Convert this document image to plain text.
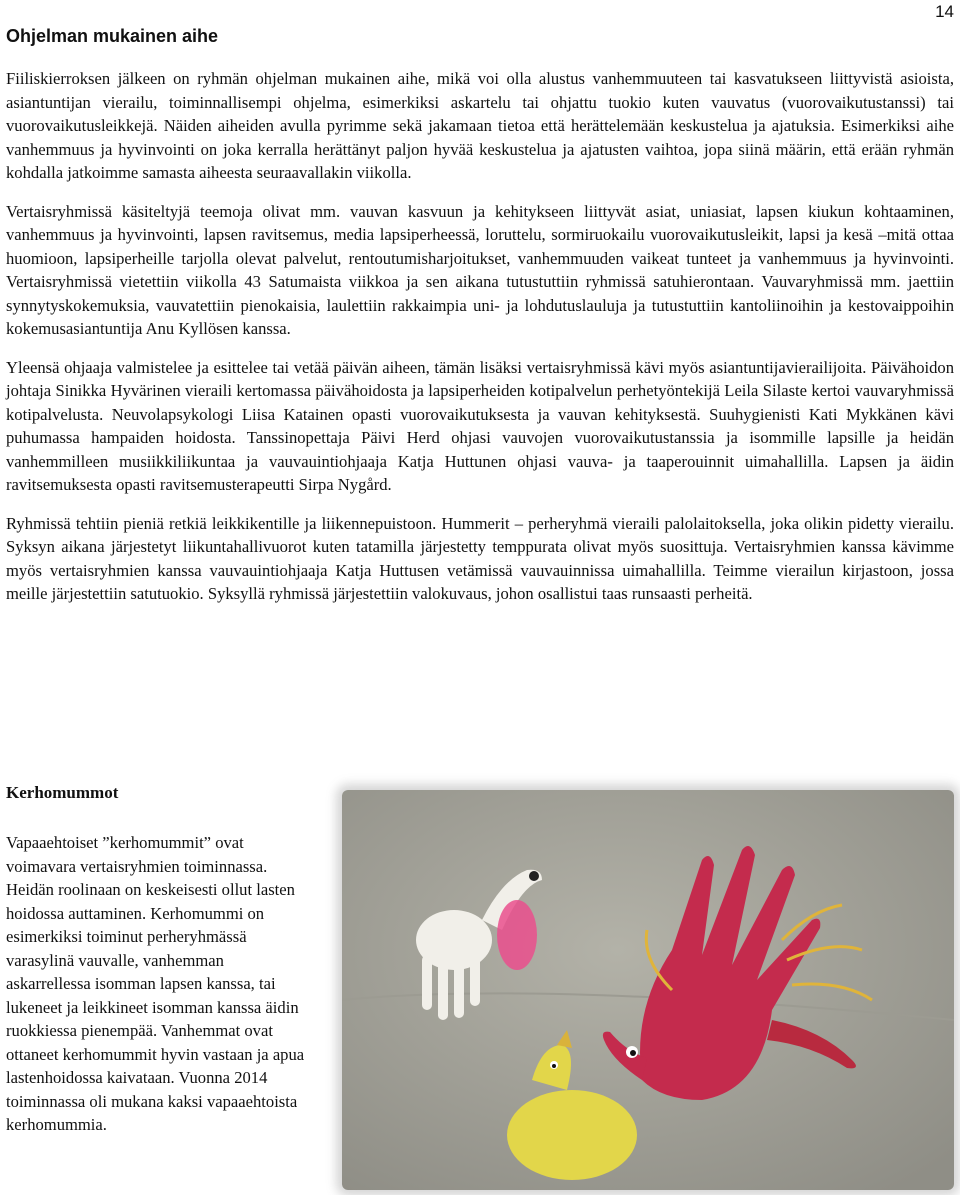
14
Ohjelman mukainen aihe

Fiiliskierroksen jälkeen on ryhmän ohjelman mukainen aihe, mikä voi olla alustus vanhemmuuteen tai kasvatukseen liittyvistä asioista, asiantuntijan vierailu, toiminnallisempi ohjelma, esimerkiksi askartelu tai ohjattu tuokio kuten vauvatus (vuorovaikutustanssi) tai vuorovaikutusleikkejä. Näiden aiheiden avulla pyrimme sekä jakamaan tietoa että herättelemään keskustelua ja ajatuksia. Esimerkiksi aihe vanhemmuus ja hyvinvointi on joka kerralla herättänyt paljon hyvää keskustelua ja ajatusten vaihtoa, jopa siinä määrin, että erään ryhmän kohdalla jatkoimme samasta aiheesta seuraavallakin viikolla.

Vertaisryhmissä käsiteltyjä teemoja olivat mm. vauvan kasvuun ja kehitykseen liittyvät asiat, uniasiat, lapsen kiukun kohtaaminen, vanhemmuus ja hyvinvointi, lapsen ravitsemus, media lapsiperheessä, loruttelu, sormiruokailu vuorovaikutusleikit, lapsi ja kesä –mitä ottaa huomioon, lapsiperheille tarjolla olevat palvelut, rentoutumisharjoitukset, vanhemmuuden vaikeat tunteet ja vanhemmuus ja hyvinvointi. Vertaisryhmissä vietettiin viikolla 43 Satumaista viikkoa ja sen aikana tutustuttiin ryhmissä satuhierontaan. Vauvaryhmissä mm. jaettiin synnytyskokemuksia, vauvatettiin pienokaisia, laulettiin rakkaimpia uni- ja lohdutuslauluja ja tutustuttiin kantoliinoihin ja kestovaippoihin kokemusasiantuntija Anu Kyllösen kanssa.

Yleensä ohjaaja valmistelee ja esittelee tai vetää päivän aiheen, tämän lisäksi vertaisryhmissä kävi myös asiantuntijavierailijoita. Päivähoidon johtaja Sinikka Hyvärinen vieraili kertomassa päivähoidosta ja lapsiperheiden kotipalvelun perhetyöntekijä Leila Silaste kertoi vauvaryhmissä kotipalvelusta. Neuvolapsykologi Liisa Katainen opasti vuorovaikutuksesta ja vauvan kehityksestä. Suuhygienisti Kati Mykkänen kävi puhumassa hampaiden hoidosta. Tanssinopettaja Päivi Herd ohjasi vauvojen vuorovaikutustanssia ja isommille lapsille ja heidän vanhemmilleen musiikkiliikuntaa ja vauvauintiohjaaja Katja Huttunen ohjasi vauva- ja taaperouinnit uimahallilla. Lapsen ja äidin ravitsemuksesta opasti ravitsemusterapeutti Sirpa Nygård.

Ryhmissä tehtiin pieniä retkiä leikkikentille ja liikennepuistoon. Hummerit – perheryhmä vieraili palolaitoksella, joka olikin pidetty vierailu. Syksyn aikana järjestetyt liikuntahallivuorot kuten tatamilla järjestetty temppurata olivat myös suosittuja. Vertaisryhmien kanssa kävimme myös vertaisryhmien kanssa vauvauintiohjaaja Katja Huttusen vetämissä vauvauinnissa uimahallilla. Teimme vierailun kirjastoon, jossa meille järjestettiin satutuokio. Syksyllä ryhmissä järjestettiin valokuvaus, johon osallistui taas runsaasti perheitä.

Kerhomummot

Vapaaehtoiset ”kerhomummit” ovat voimavara vertaisryhmien toiminnassa. Heidän roolinaan on keskeisesti ollut lasten hoidossa auttaminen. Kerhomummi on esimerkiksi toiminut perheryhmässä varasylinä vauvalle, vanhemman askarrellessa isomman lapsen kanssa, tai lukeneet ja leikkineet isomman kanssa äidin ruokkiessa pienempää. Vanhemmat ovat ottaneet kerhomummit hyvin vastaan ja apua lastenhoidossa kaivataan. Vuonna 2014 toiminnassa oli mukana kaksi vapaaehtoista kerhomummia.
